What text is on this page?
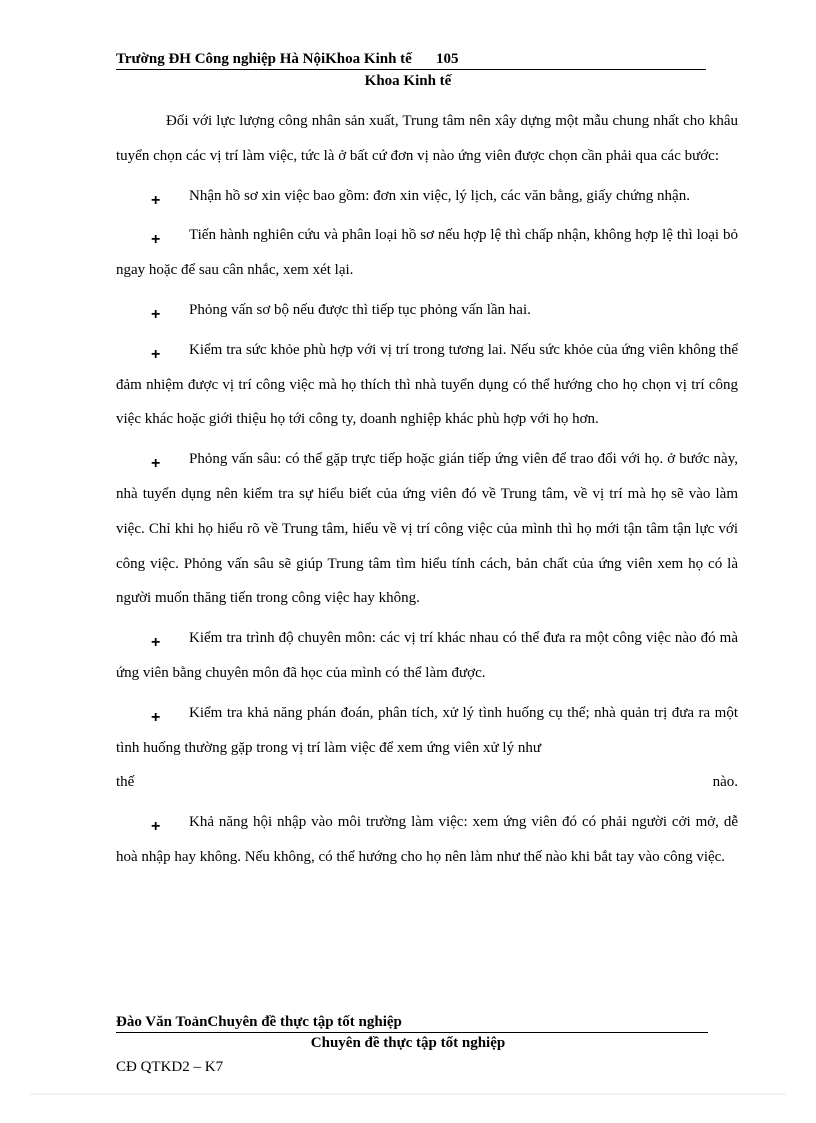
Trường ĐH Công nghiệp Hà NộiKhoa Kinh tế 105
Khoa Kinh tế

Đối với lực lượng công nhân sản xuất, Trung tâm nên xây dựng một mẫu chung nhất cho khâu tuyển chọn các vị trí làm việc, tức là ở bất cứ đơn vị nào ứng viên được chọn cần phải qua các bước:

+	Nhận hồ sơ xin việc bao gồm: đơn xin việc, lý lịch, các văn bằng, giấy chứng nhận.

+	Tiến hành nghiên cứu và phân loại hồ sơ nếu hợp lệ thì chấp nhận, không hợp lệ thì loại bỏ ngay hoặc để sau cân nhắc, xem xét lại.

+	Phỏng vấn sơ bộ nếu được thì tiếp tục phỏng vấn lần hai.

+	Kiểm tra sức khỏe phù hợp với vị trí trong tương lai. Nếu sức khỏe của ứng viên không thể đảm nhiệm được vị trí công việc mà họ thích thì nhà tuyển dụng có thể hướng cho họ chọn vị trí công việc khác hoặc giới thiệu họ tới công ty, doanh nghiệp khác phù hợp với họ hơn.

+	Phỏng vấn sâu: có thể gặp trực tiếp hoặc gián tiếp ứng viên để trao đổi với họ. ở bước này, nhà tuyển dụng nên kiểm tra sự hiểu biết của ứng viên đó về Trung tâm, về vị trí mà họ sẽ vào làm việc. Chỉ khi họ hiểu rõ về Trung tâm, hiểu về vị trí công việc của mình thì họ mới tận tâm tận lực với công việc. Phỏng vấn sâu sẽ giúp Trung tâm tìm hiểu tính cách, bản chất của ứng viên xem họ có là người muốn thăng tiến trong công việc hay không.

+	Kiểm tra trình độ chuyên môn: các vị trí khác nhau có thể đưa ra một công việc nào đó mà ứng viên bằng chuyên môn đã học của mình có thể làm được.

+	Kiểm tra khả năng phán đoán, phân tích, xử lý tình huống cụ thể; nhà quản trị đưa ra một tình huống thường gặp trong vị trí làm việc để xem ứng viên xử lý như

thế	nào.
+	Khả năng hội nhập vào môi trường làm việc: xem ứng viên đó có phải người cởi mở, dễ hoà nhập hay không. Nếu không, có thể hướng cho họ nên làm như thế nào khi bắt tay vào công việc.

Đào Văn ToảnChuyên đề thực tập tốt nghiệp
Chuyên đề thực tập tốt nghiệp
CĐ QTKD2 – K7
